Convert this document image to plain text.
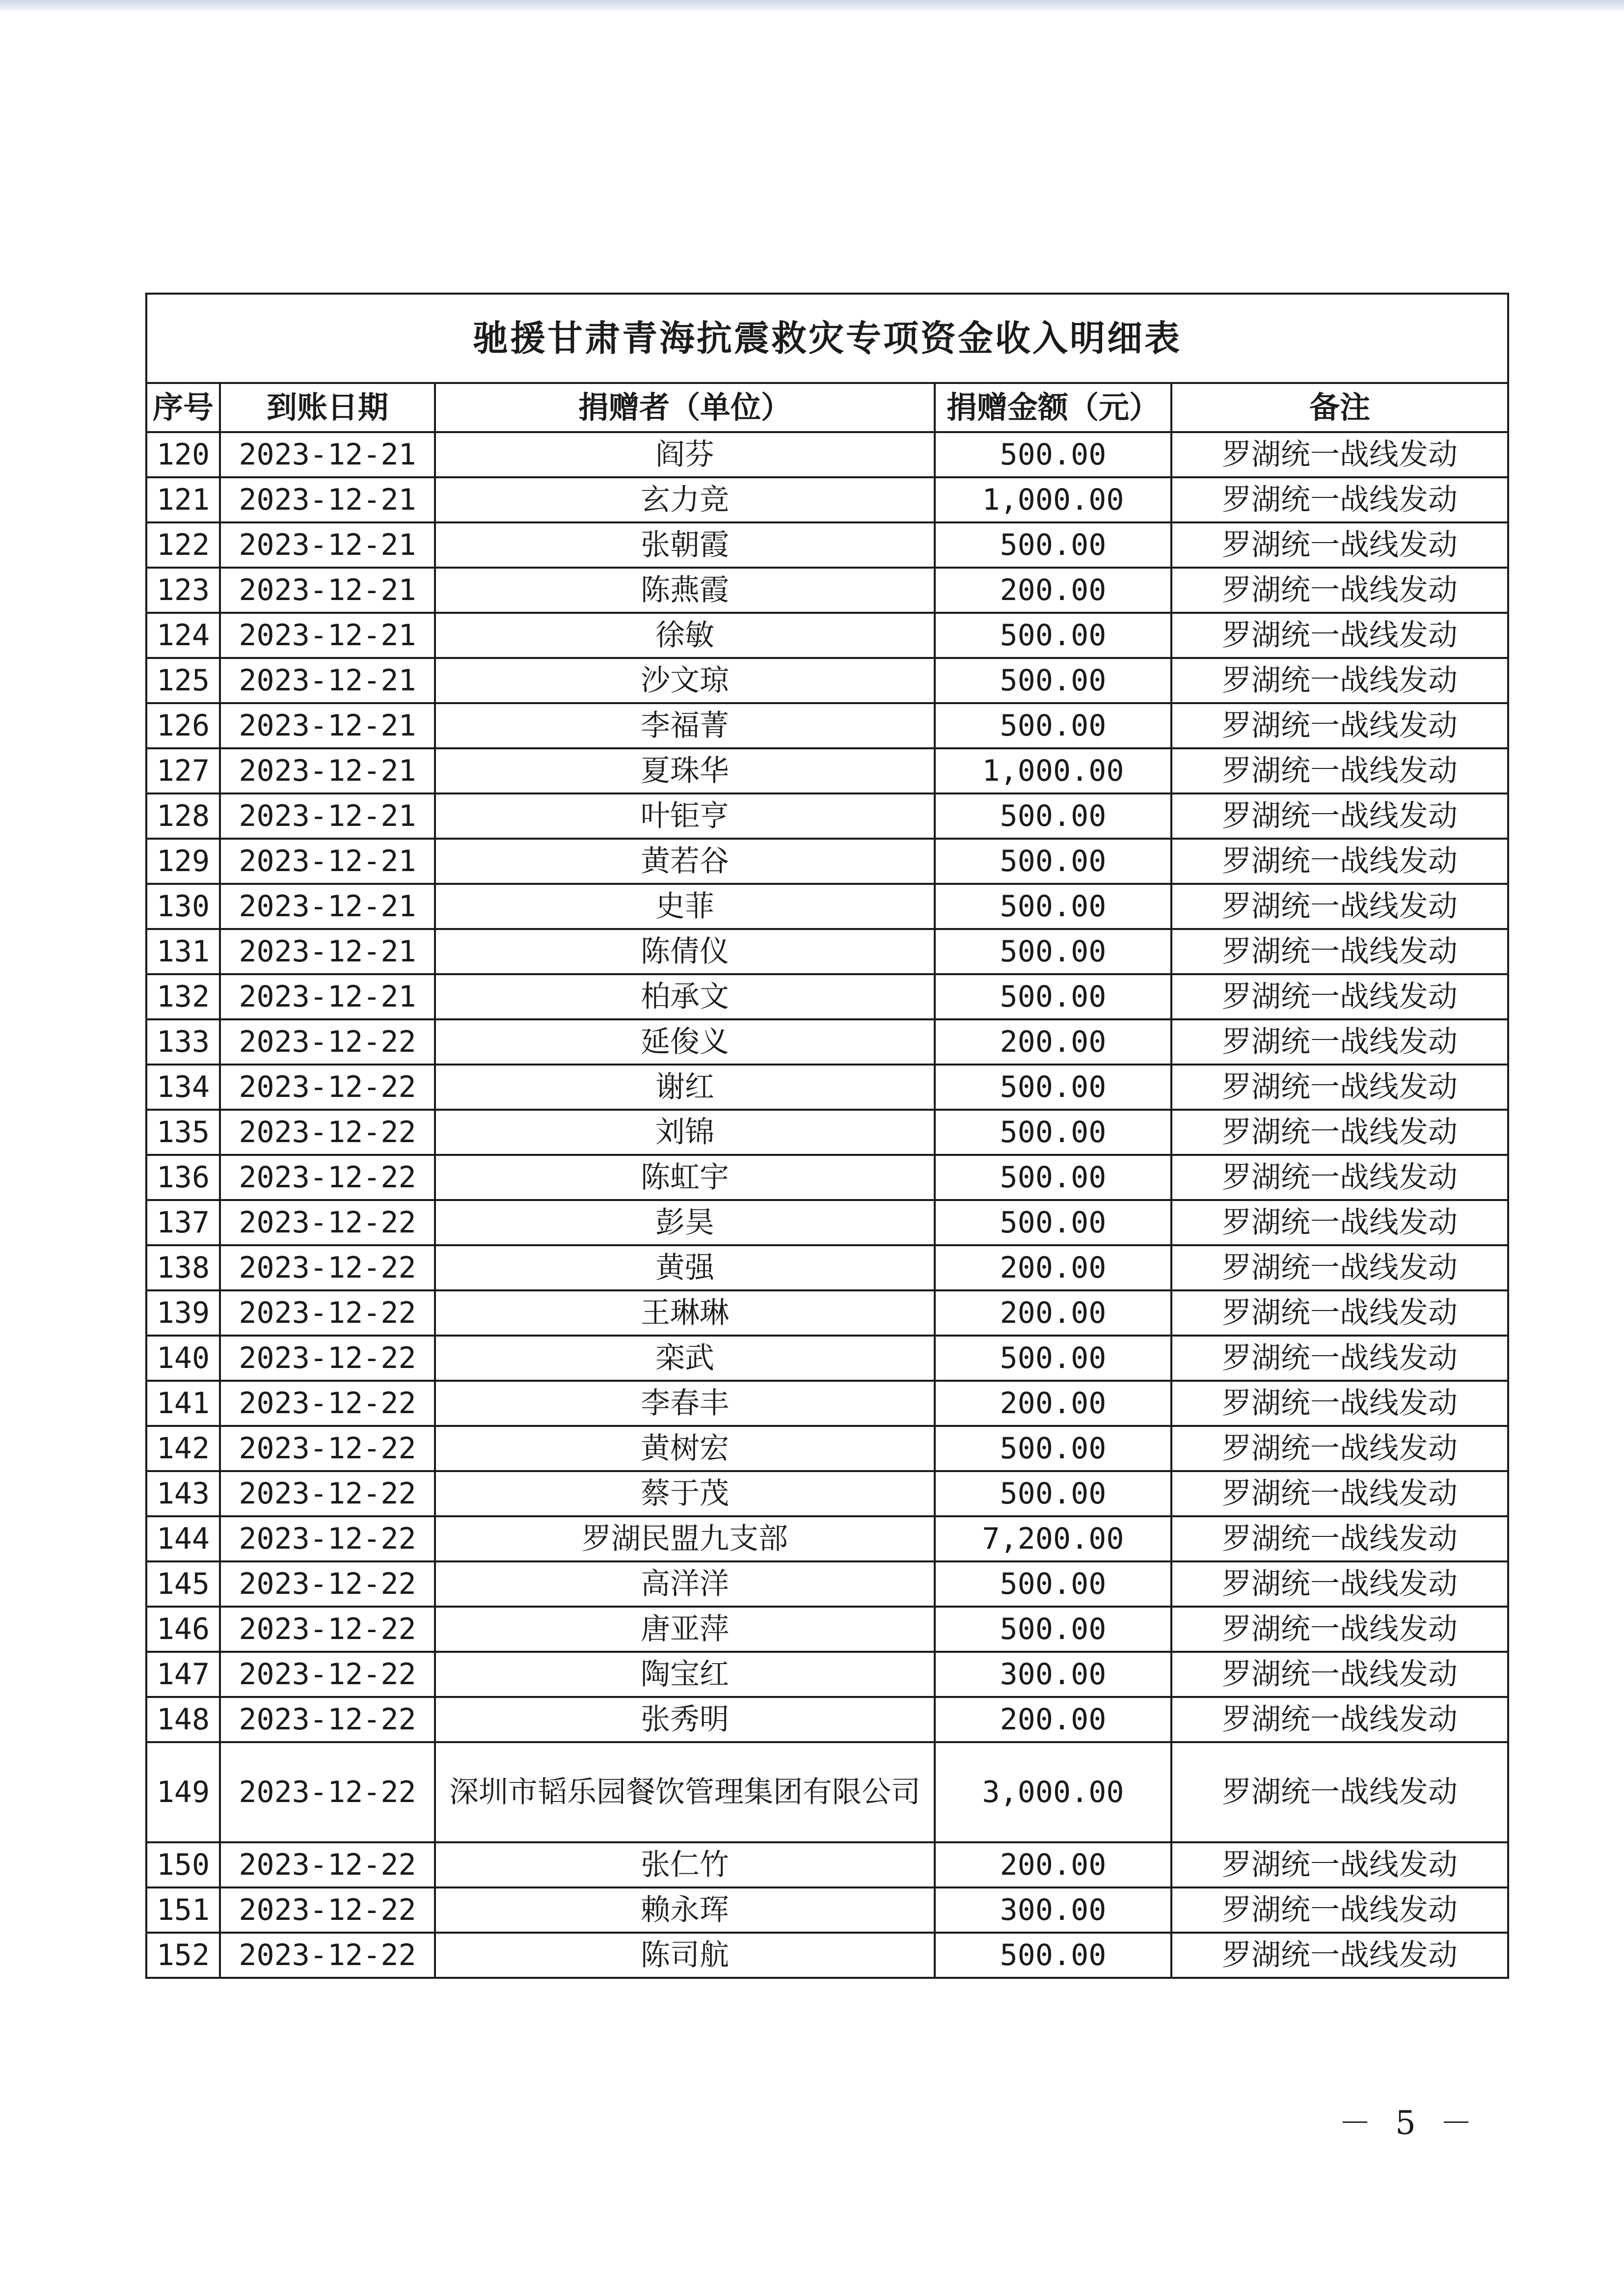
驰援甘肃青海抗震救灾专项资金收入明细表				
序号	到账日期	捐赠者（单位）	捐赠金额（元）	备注
120	2023-12-21	阎芬	500.00	罗湖统一战线发动
121	2023-12-21	玄力竞	1,000.00	罗湖统一战线发动
122	2023-12-21	张朝霞	500.00	罗湖统一战线发动
123	2023-12-21	陈燕霞	200.00	罗湖统一战线发动
124	2023-12-21	徐敏	500.00	罗湖统一战线发动
125	2023-12-21	沙文琼	500.00	罗湖统一战线发动
126	2023-12-21	李福菁	500.00	罗湖统一战线发动
127	2023-12-21	夏珠华	1,000.00	罗湖统一战线发动
128	2023-12-21	叶钜亨	500.00	罗湖统一战线发动
129	2023-12-21	黄若谷	500.00	罗湖统一战线发动
130	2023-12-21	史菲	500.00	罗湖统一战线发动
131	2023-12-21	陈倩仪	500.00	罗湖统一战线发动
132	2023-12-21	柏承文	500.00	罗湖统一战线发动
133	2023-12-22	延俊义	200.00	罗湖统一战线发动
134	2023-12-22	谢红	500.00	罗湖统一战线发动
135	2023-12-22	刘锦	500.00	罗湖统一战线发动
136	2023-12-22	陈虹宇	500.00	罗湖统一战线发动
137	2023-12-22	彭昊	500.00	罗湖统一战线发动
138	2023-12-22	黄强	200.00	罗湖统一战线发动
139	2023-12-22	王琳琳	200.00	罗湖统一战线发动
140	2023-12-22	栾武	500.00	罗湖统一战线发动
141	2023-12-22	李春丰	200.00	罗湖统一战线发动
142	2023-12-22	黄树宏	500.00	罗湖统一战线发动
143	2023-12-22	蔡于茂	500.00	罗湖统一战线发动
144	2023-12-22	罗湖民盟九支部	7,200.00	罗湖统一战线发动
145	2023-12-22	高洋洋	500.00	罗湖统一战线发动
146	2023-12-22	唐亚萍	500.00	罗湖统一战线发动
147	2023-12-22	陶宝红	300.00	罗湖统一战线发动
148	2023-12-22	张秀明	200.00	罗湖统一战线发动
149	2023-12-22	深圳市韬乐园餐饮管理集团有限公司	3,000.00	罗湖统一战线发动
150	2023-12-22	张仁竹	200.00	罗湖统一战线发动
151	2023-12-22	赖永珲	300.00	罗湖统一战线发动
152	2023-12-22	陈司航	500.00	罗湖统一战线发动
－ 5 －
